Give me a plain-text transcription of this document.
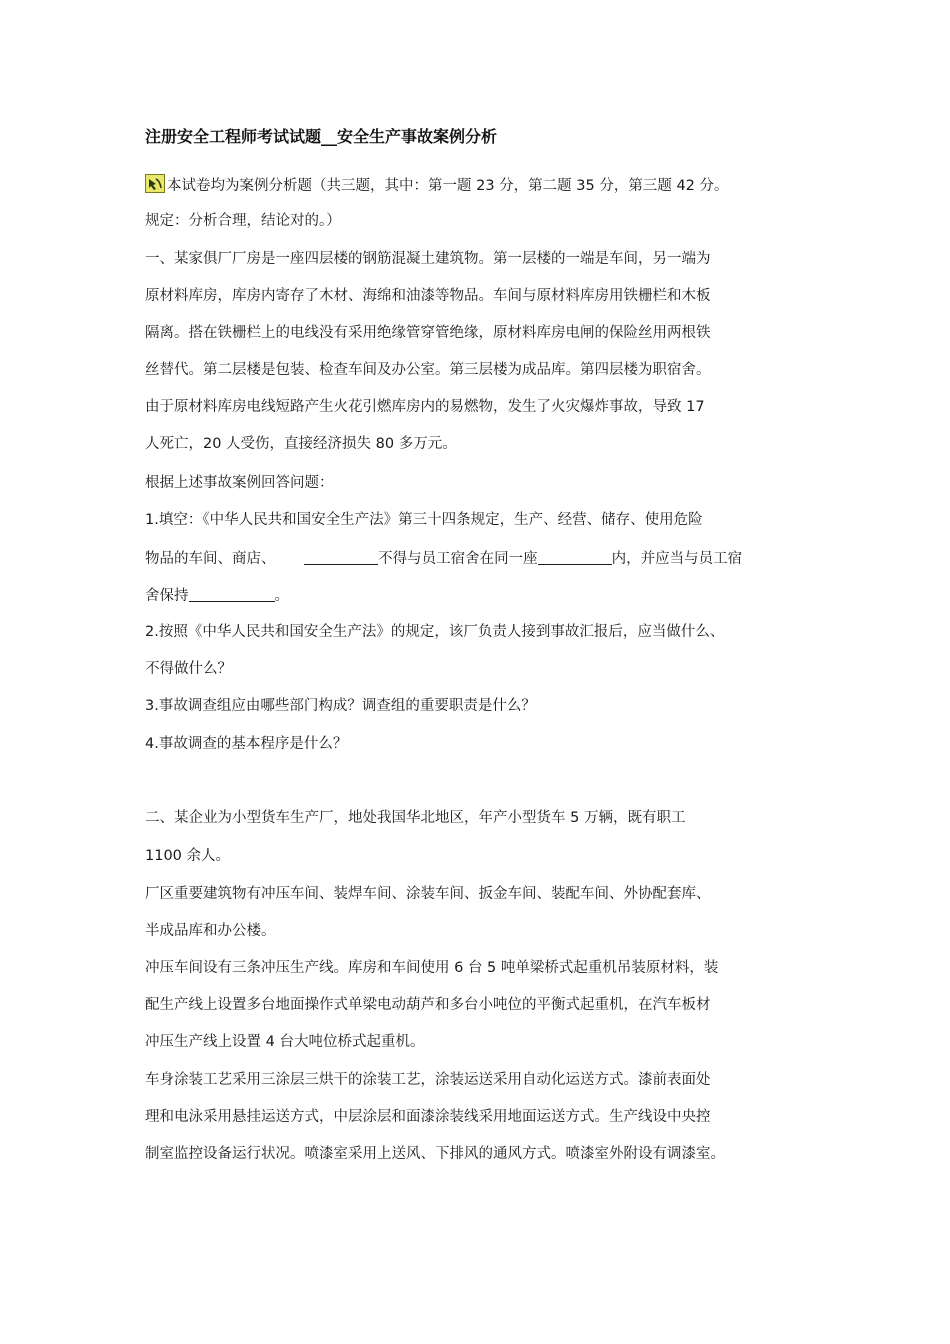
注册安全工程师考试试题__安全生产事故案例分析
本试卷均为案例分析题（共三题，其中：第一题 23 分，第二题 35 分，第三题 42 分。
规定：分析合理，结论对的。）
一、某家俱厂厂房是一座四层楼的钢筋混凝土建筑物。第一层楼的一端是车间，另一端为
原材料库房，库房内寄存了木材、海绵和油漆等物品。车间与原材料库房用铁栅栏和木板
隔离。搭在铁栅栏上的电线没有采用绝缘管穿管绝缘，原材料库房电闸的保险丝用两根铁
丝替代。第二层楼是包装、检查车间及办公室。第三层楼为成品库。第四层楼为职宿舍。
由于原材料库房电线短路产生火花引燃库房内的易燃物，发生了火灾爆炸事故，导致 17
人死亡，20 人受伤，直接经济损失 80 多万元。
根据上述事故案例回答问题：
1.填空：《中华人民共和国安全生产法》第三十四条规定，生产、经营、储存、使用危险
物品的车间、商店、	不得与员工宿舍在同一座	内，并应当与员工宿
舍保持	。
2.按照《中华人民共和国安全生产法》的规定，该厂负责人接到事故汇报后，应当做什么、
不得做什么？
3.事故调查组应由哪些部门构成？调查组的重要职责是什么？
4.事故调查的基本程序是什么？
二、某企业为小型货车生产厂，地处我国华北地区，年产小型货车 5 万辆，既有职工
1100 余人。
厂区重要建筑物有冲压车间、装焊车间、涂装车间、扳金车间、装配车间、外协配套库、
半成品库和办公楼。
冲压车间设有三条冲压生产线。库房和车间使用 6 台 5 吨单梁桥式起重机吊装原材料，装
配生产线上设置多台地面操作式单梁电动葫芦和多台小吨位的平衡式起重机，在汽车板材
冲压生产线上设置 4 台大吨位桥式起重机。
车身涂装工艺采用三涂层三烘干的涂装工艺，涂装运送采用自动化运送方式。漆前表面处
理和电泳采用悬挂运送方式，中层涂层和面漆涂装线采用地面运送方式。生产线设中央控
制室监控设备运行状况。喷漆室采用上送风、下排风的通风方式。喷漆室外附设有调漆室。
